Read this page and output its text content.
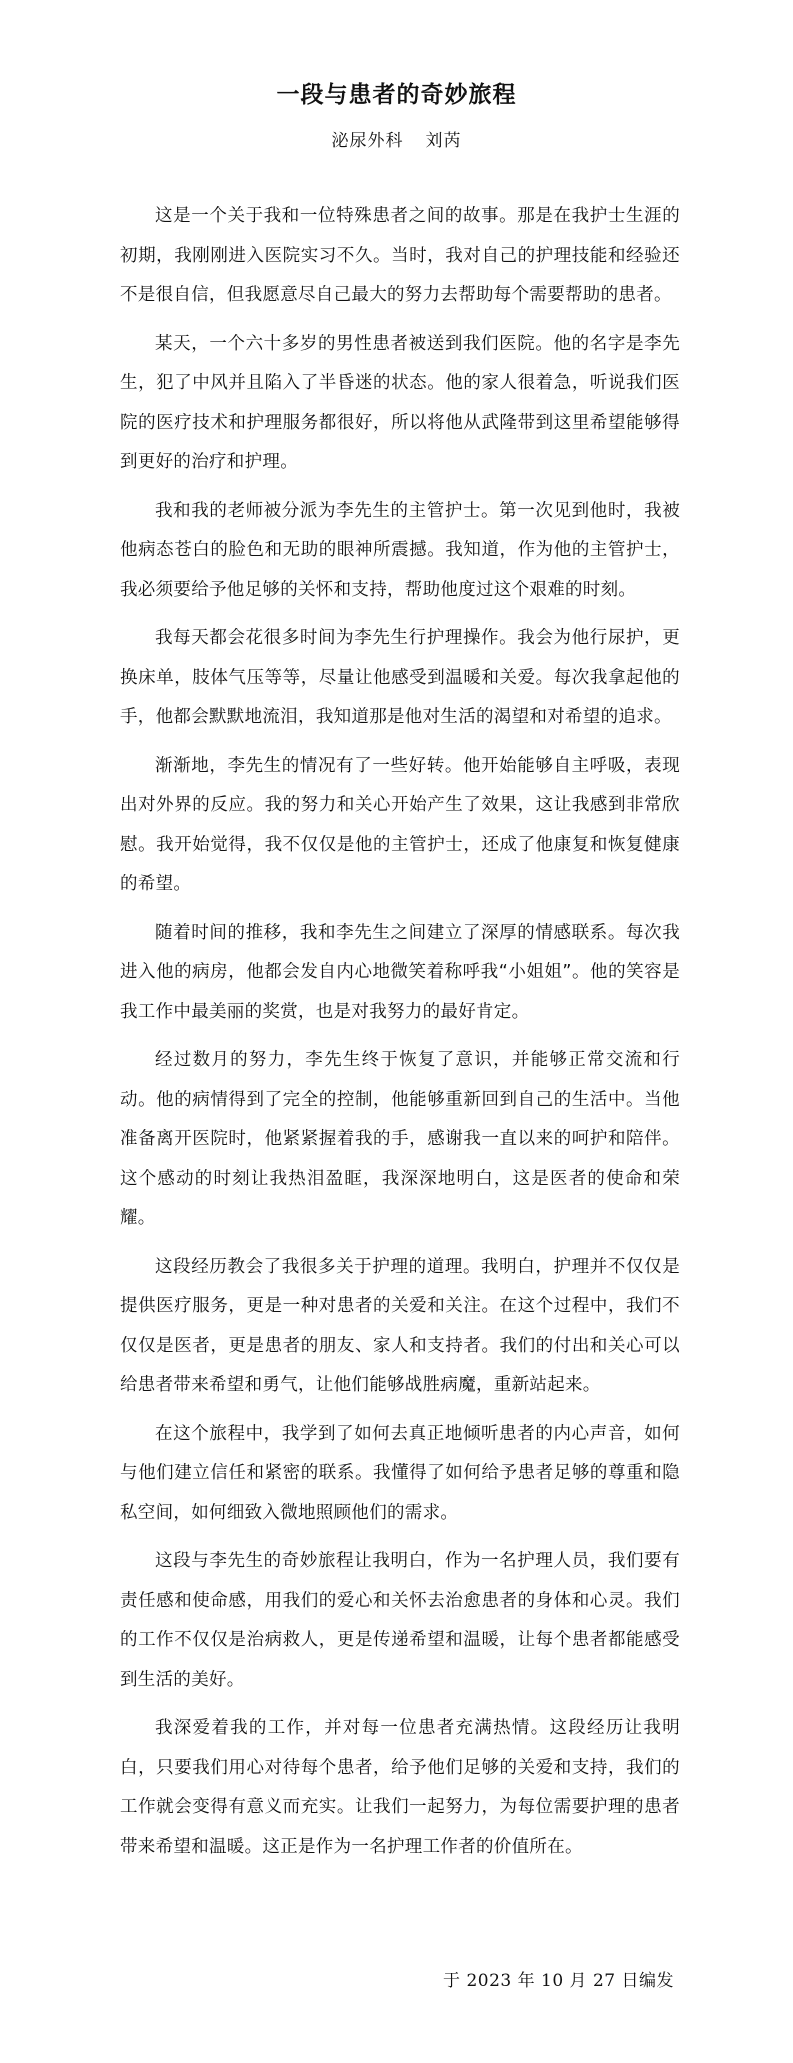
一段与患者的奇妙旅程
泌尿外科 刘芮

这是一个关于我和一位特殊患者之间的故事。那是在我护士生涯的初期，我刚刚进入医院实习不久。当时，我对自己的护理技能和经验还不是很自信，但我愿意尽自己最大的努力去帮助每个需要帮助的患者。

某天，一个六十多岁的男性患者被送到我们医院。他的名字是李先生，犯了中风并且陷入了半昏迷的状态。他的家人很着急，听说我们医院的医疗技术和护理服务都很好，所以将他从武隆带到这里希望能够得到更好的治疗和护理。

我和我的老师被分派为李先生的主管护士。第一次见到他时，我被他病态苍白的脸色和无助的眼神所震撼。我知道，作为他的主管护士，我必须要给予他足够的关怀和支持，帮助他度过这个艰难的时刻。

我每天都会花很多时间为李先生行护理操作。我会为他行尿护，更换床单，肢体气压等等，尽量让他感受到温暖和关爱。每次我拿起他的手，他都会默默地流泪，我知道那是他对生活的渴望和对希望的追求。

渐渐地，李先生的情况有了一些好转。他开始能够自主呼吸，表现出对外界的反应。我的努力和关心开始产生了效果，这让我感到非常欣慰。我开始觉得，我不仅仅是他的主管护士，还成了他康复和恢复健康的希望。

随着时间的推移，我和李先生之间建立了深厚的情感联系。每次我进入他的病房，他都会发自内心地微笑着称呼我“小姐姐”。他的笑容是我工作中最美丽的奖赏，也是对我努力的最好肯定。

经过数月的努力，李先生终于恢复了意识，并能够正常交流和行动。他的病情得到了完全的控制，他能够重新回到自己的生活中。当他准备离开医院时，他紧紧握着我的手，感谢我一直以来的呵护和陪伴。这个感动的时刻让我热泪盈眶，我深深地明白，这是医者的使命和荣耀。

这段经历教会了我很多关于护理的道理。我明白，护理并不仅仅是提供医疗服务，更是一种对患者的关爱和关注。在这个过程中，我们不仅仅是医者，更是患者的朋友、家人和支持者。我们的付出和关心可以给患者带来希望和勇气，让他们能够战胜病魔，重新站起来。

在这个旅程中，我学到了如何去真正地倾听患者的内心声音，如何与他们建立信任和紧密的联系。我懂得了如何给予患者足够的尊重和隐私空间，如何细致入微地照顾他们的需求。

这段与李先生的奇妙旅程让我明白，作为一名护理人员，我们要有责任感和使命感，用我们的爱心和关怀去治愈患者的身体和心灵。我们的工作不仅仅是治病救人，更是传递希望和温暖，让每个患者都能感受到生活的美好。

我深爱着我的工作，并对每一位患者充满热情。这段经历让我明白，只要我们用心对待每个患者，给予他们足够的关爱和支持，我们的工作就会变得有意义而充实。让我们一起努力，为每位需要护理的患者带来希望和温暖。这正是作为一名护理工作者的价值所在。

于 2023 年 10 月 27 日编发
